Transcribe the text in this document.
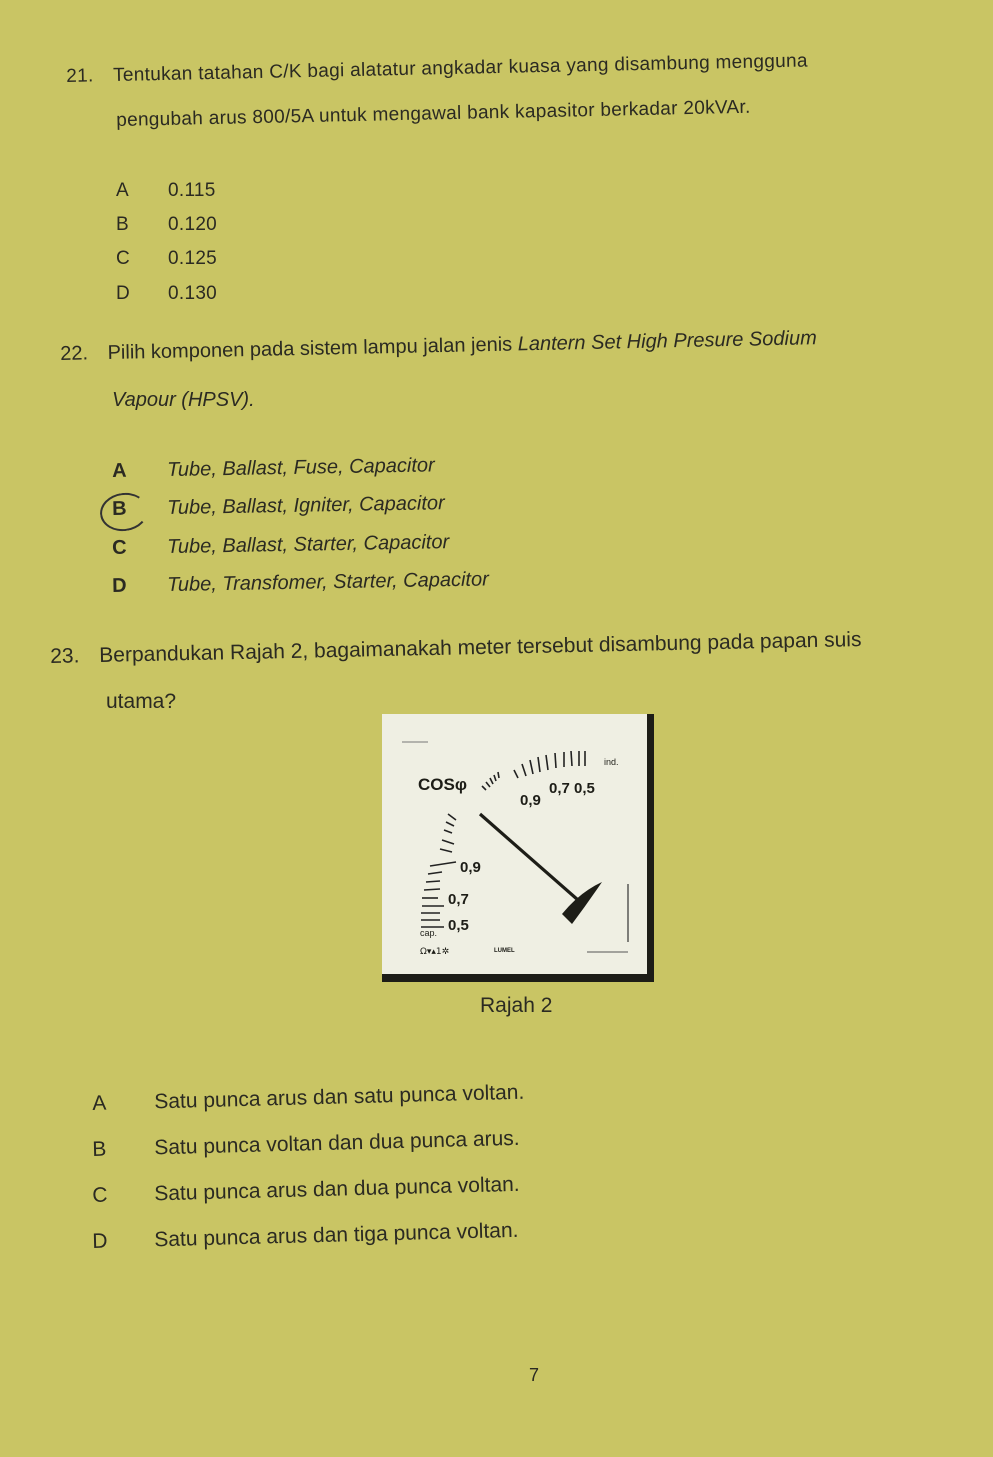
21. Tentukan tatahan C/K bagi alatatur angkadar kuasa yang disambung mengguna
pengubah arus 800/5A untuk mengawal bank kapasitor berkadar 20kVAr.
A 0.115
B 0.120
C 0.125
D 0.130
22. Pilih komponen pada sistem lampu jalan jenis Lantern Set High Presure Sodium
Vapour (HPSV).
A Tube, Ballast, Fuse, Capacitor
B Tube, Ballast, Igniter, Capacitor
C Tube, Ballast, Starter, Capacitor
D Tube, Transfomer, Starter, Capacitor
23. Berpandukan Rajah 2, bagaimanakah meter tersebut disambung pada papan suis
utama?
COSφ
ind.
0,9
0,7 0,5
0,9
0,7
0,5
cap.
Ω▾▴1✲	LUMEL
Rajah 2
A Satu punca arus dan satu punca voltan.
B Satu punca voltan dan dua punca arus.
C Satu punca arus dan dua punca voltan.
D Satu punca arus dan tiga punca voltan.
7
